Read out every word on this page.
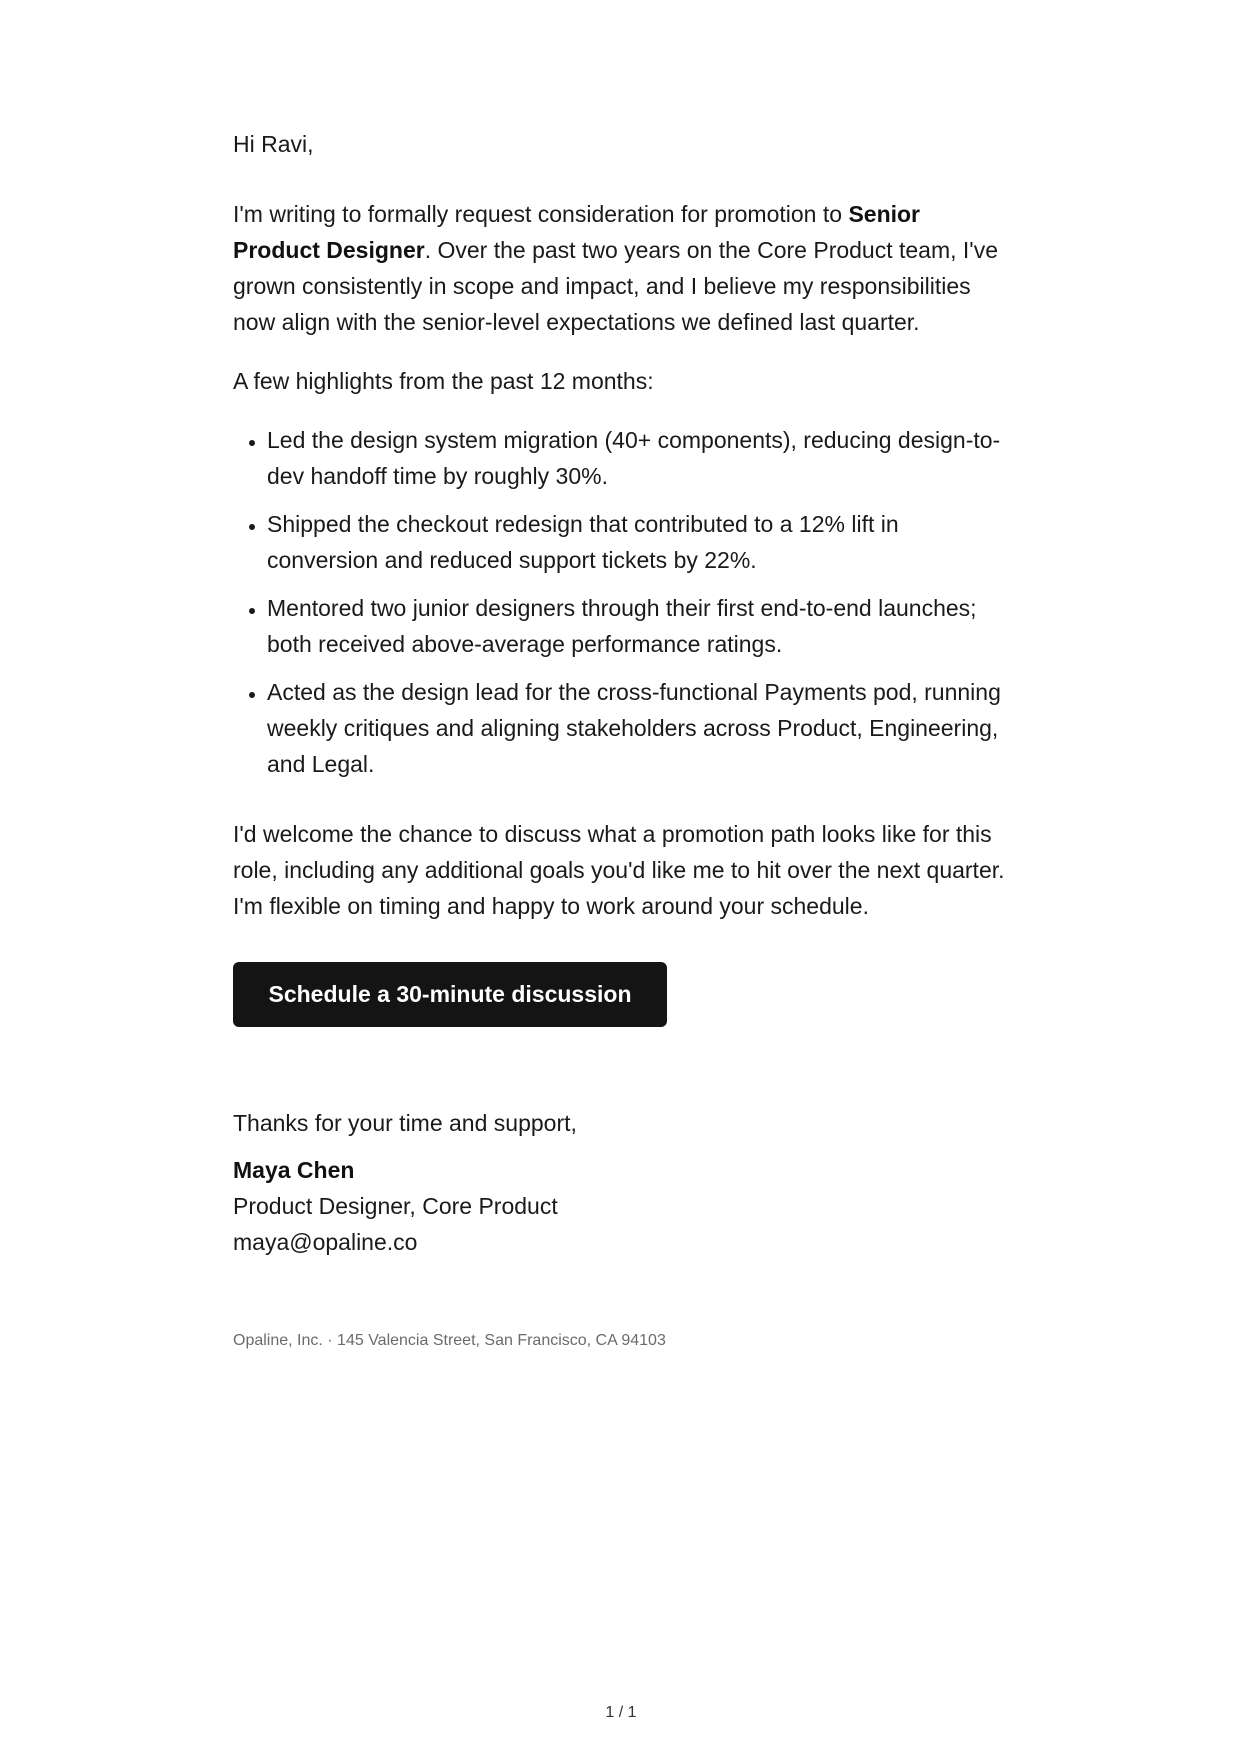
Hi Ravi,

I'm writing to formally request consideration for promotion to Senior Product Designer. Over the past two years on the Core Product team, I've grown consistently in scope and impact, and I believe my responsibilities now align with the senior-level expectations we defined last quarter.

A few highlights from the past 12 months:

• Led the design system migration (40+ components), reducing design-to-dev handoff time by roughly 30%.
• Shipped the checkout redesign that contributed to a 12% lift in conversion and reduced support tickets by 22%.
• Mentored two junior designers through their first end-to-end launches; both received above-average performance ratings.
• Acted as the design lead for the cross-functional Payments pod, running weekly critiques and aligning stakeholders across Product, Engineering, and Legal.

I'd welcome the chance to discuss what a promotion path looks like for this role, including any additional goals you'd like me to hit over the next quarter. I'm flexible on timing and happy to work around your schedule.

Schedule a 30-minute discussion

Thanks for your time and support,

Maya Chen
Product Designer, Core Product
maya@opaline.co
Opaline, Inc. · 145 Valencia Street, San Francisco, CA 94103
1 / 1
